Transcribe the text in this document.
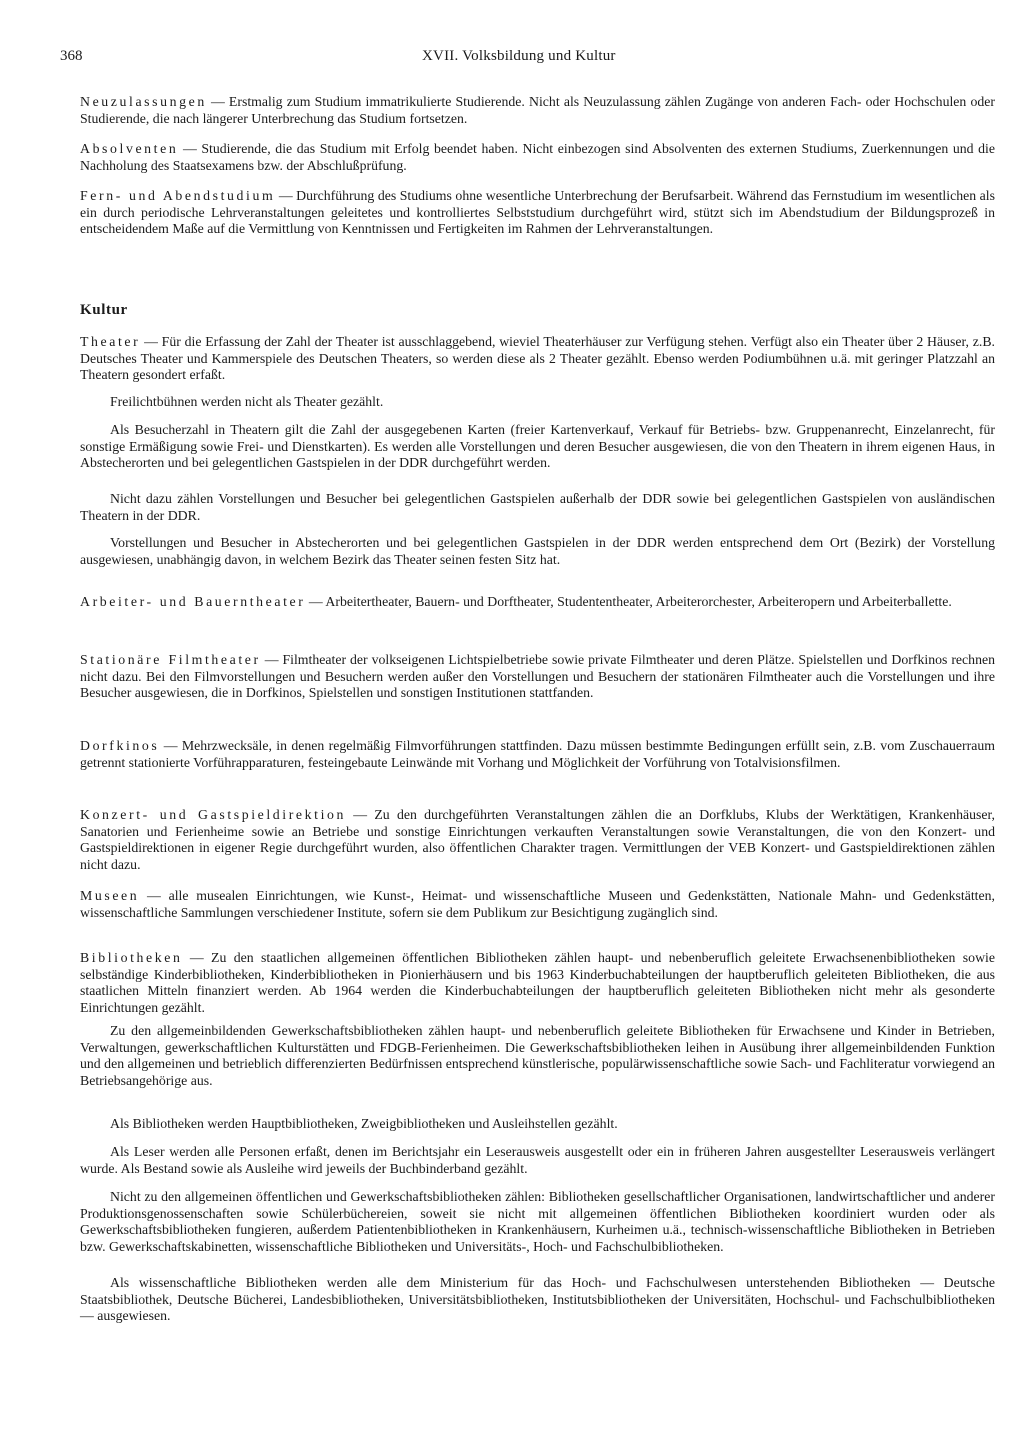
368	XVII. Volksbildung und Kultur

Neuzulassungen — Erstmalig zum Studium immatrikulierte Studierende. Nicht als Neuzulassung zählen Zugänge von anderen Fach- oder Hochschulen oder Studierende, die nach längerer Unterbrechung das Studium fortsetzen.

Absolventen — Studierende, die das Studium mit Erfolg beendet haben. Nicht einbezogen sind Absolventen des externen Studiums, Zuerkennungen und die Nachholung des Staatsexamens bzw. der Abschlußprüfung.

Fern- und Abendstudium — Durchführung des Studiums ohne wesentliche Unterbrechung der Berufsarbeit. Während das Fernstudium im wesentlichen als ein durch periodische Lehrveranstaltungen geleitetes und kontrolliertes Selbststudium durchgeführt wird, stützt sich im Abendstudium der Bildungsprozeß in entscheidendem Maße auf die Vermittlung von Kenntnissen und Fertigkeiten im Rahmen der Lehrveranstaltungen.

Kultur

Theater — Für die Erfassung der Zahl der Theater ist ausschlaggebend, wieviel Theaterhäuser zur Verfügung stehen. Verfügt also ein Theater über 2 Häuser, z.B. Deutsches Theater und Kammerspiele des Deutschen Theaters, so werden diese als 2 Theater gezählt. Ebenso werden Podiumbühnen u.ä. mit geringer Platzzahl an Theatern gesondert erfaßt.

Freilichtbühnen werden nicht als Theater gezählt.

Als Besucherzahl in Theatern gilt die Zahl der ausgegebenen Karten (freier Kartenverkauf, Verkauf für Betriebs- bzw. Gruppenanrecht, Einzelanrecht, für sonstige Ermäßigung sowie Frei- und Dienstkarten). Es werden alle Vorstellungen und deren Besucher ausgewiesen, die von den Theatern in ihrem eigenen Haus, in Abstecherorten und bei gelegentlichen Gastspielen in der DDR durchgeführt werden.

Nicht dazu zählen Vorstellungen und Besucher bei gelegentlichen Gastspielen außerhalb der DDR sowie bei gelegentlichen Gastspielen von ausländischen Theatern in der DDR.

Vorstellungen und Besucher in Abstecherorten und bei gelegentlichen Gastspielen in der DDR werden entsprechend dem Ort (Bezirk) der Vorstellung ausgewiesen, unabhängig davon, in welchem Bezirk das Theater seinen festen Sitz hat.

Arbeiter- und Bauerntheater — Arbeitertheater, Bauern- und Dorftheater, Studententheater, Arbeiterorchester, Arbeiteropern und Arbeiterballette.

Stationäre Filmtheater — Filmtheater der volkseigenen Lichtspielbetriebe sowie private Filmtheater und deren Plätze. Spielstellen und Dorfkinos rechnen nicht dazu. Bei den Filmvorstellungen und Besuchern werden außer den Vorstellungen und Besuchern der stationären Filmtheater auch die Vorstellungen und ihre Besucher ausgewiesen, die in Dorfkinos, Spielstellen und sonstigen Institutionen stattfanden.

Dorfkinos — Mehrzwecksäle, in denen regelmäßig Filmvorführungen stattfinden. Dazu müssen bestimmte Bedingungen erfüllt sein, z.B. vom Zuschauerraum getrennt stationierte Vorführapparaturen, festeingebaute Leinwände mit Vorhang und Möglichkeit der Vorführung von Totalvisionsfilmen.

Konzert- und Gastspieldirektion — Zu den durchgeführten Veranstaltungen zählen die an Dorfklubs, Klubs der Werktätigen, Krankenhäuser, Sanatorien und Ferienheime sowie an Betriebe und sonstige Einrichtungen verkauften Veranstaltungen sowie Veranstaltungen, die von den Konzert- und Gastspieldirektionen in eigener Regie durchgeführt wurden, also öffentlichen Charakter tragen. Vermittlungen der VEB Konzert- und Gastspieldirektionen zählen nicht dazu.

Museen — alle musealen Einrichtungen, wie Kunst-, Heimat- und wissenschaftliche Museen und Gedenkstätten, Nationale Mahn- und Gedenkstätten, wissenschaftliche Sammlungen verschiedener Institute, sofern sie dem Publikum zur Besichtigung zugänglich sind.

Bibliotheken — Zu den staatlichen allgemeinen öffentlichen Bibliotheken zählen haupt- und nebenberuflich geleitete Erwachsenenbibliotheken sowie selbständige Kinderbibliotheken, Kinderbibliotheken in Pionierhäusern und bis 1963 Kinderbuchabteilungen der hauptberuflich geleiteten Bibliotheken, die aus staatlichen Mitteln finanziert werden. Ab 1964 werden die Kinderbuchabteilungen der hauptberuflich geleiteten Bibliotheken nicht mehr als gesonderte Einrichtungen gezählt.

Zu den allgemeinbildenden Gewerkschaftsbibliotheken zählen haupt- und nebenberuflich geleitete Bibliotheken für Erwachsene und Kinder in Betrieben, Verwaltungen, gewerkschaftlichen Kulturstätten und FDGB-Ferienheimen. Die Gewerkschaftsbibliotheken leihen in Ausübung ihrer allgemeinbildenden Funktion und den allgemeinen und betrieblich differenzierten Bedürfnissen entsprechend künstlerische, populärwissenschaftliche sowie Sach- und Fachliteratur vorwiegend an Betriebsangehörige aus.

Als Bibliotheken werden Hauptbibliotheken, Zweigbibliotheken und Ausleihstellen gezählt.

Als Leser werden alle Personen erfaßt, denen im Berichtsjahr ein Leserausweis ausgestellt oder ein in früheren Jahren ausgestellter Leserausweis verlängert wurde. Als Bestand sowie als Ausleihe wird jeweils der Buchbinderband gezählt.

Nicht zu den allgemeinen öffentlichen und Gewerkschaftsbibliotheken zählen: Bibliotheken gesellschaftlicher Organisationen, landwirtschaftlicher und anderer Produktionsgenossenschaften sowie Schülerbüchereien, soweit sie nicht mit allgemeinen öffentlichen Bibliotheken koordiniert wurden oder als Gewerkschaftsbibliotheken fungieren, außerdem Patientenbibliotheken in Krankenhäusern, Kurheimen u.ä., technisch-wissenschaftliche Bibliotheken in Betrieben bzw. Gewerkschaftskabinetten, wissenschaftliche Bibliotheken und Universitäts-, Hoch- und Fachschulbibliotheken.

Als wissenschaftliche Bibliotheken werden alle dem Ministerium für das Hoch- und Fachschulwesen unterstehenden Bibliotheken — Deutsche Staatsbibliothek, Deutsche Bücherei, Landesbibliotheken, Universitätsbibliotheken, Institutsbibliotheken der Universitäten, Hochschul- und Fachschulbibliotheken — ausgewiesen.
